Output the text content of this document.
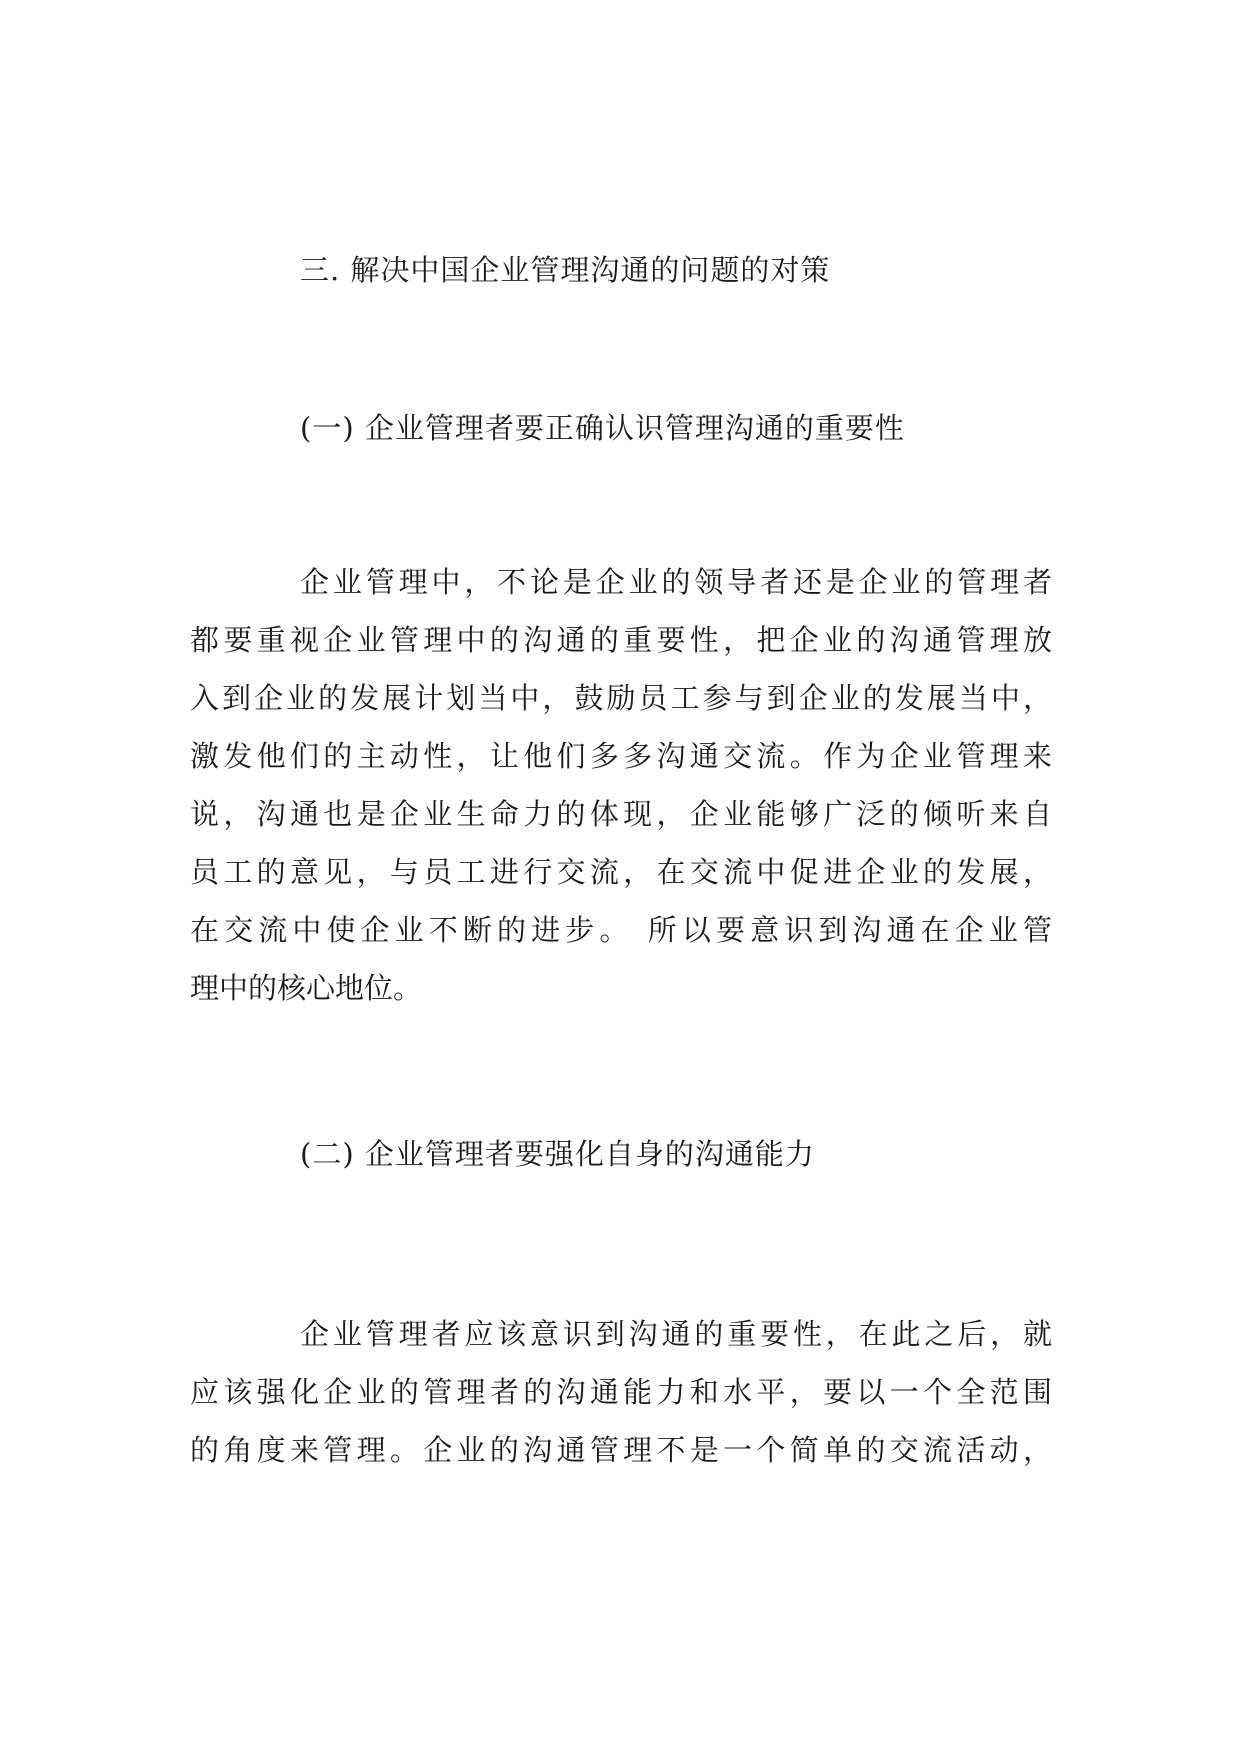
三. 解决中国企业管理沟通的问题的对策
(一) 企业管理者要正确认识管理沟通的重要性
企业管理中，不论是企业的领导者还是企业的管理者
都要重视企业管理中的沟通的重要性，把企业的沟通管理放
入到企业的发展计划当中，鼓励员工参与到企业的发展当中，
激发他们的主动性，让他们多多沟通交流。作为企业管理来
说，沟通也是企业生命力的体现，企业能够广泛的倾听来自
员工的意见，与员工进行交流，在交流中促进企业的发展，
在交流中使企业不断的进步。 所以要意识到沟通在企业管
理中的核心地位。
(二) 企业管理者要强化自身的沟通能力
企业管理者应该意识到沟通的重要性，在此之后，就
应该强化企业的管理者的沟通能力和水平，要以一个全范围
的角度来管理。企业的沟通管理不是一个简单的交流活动，
